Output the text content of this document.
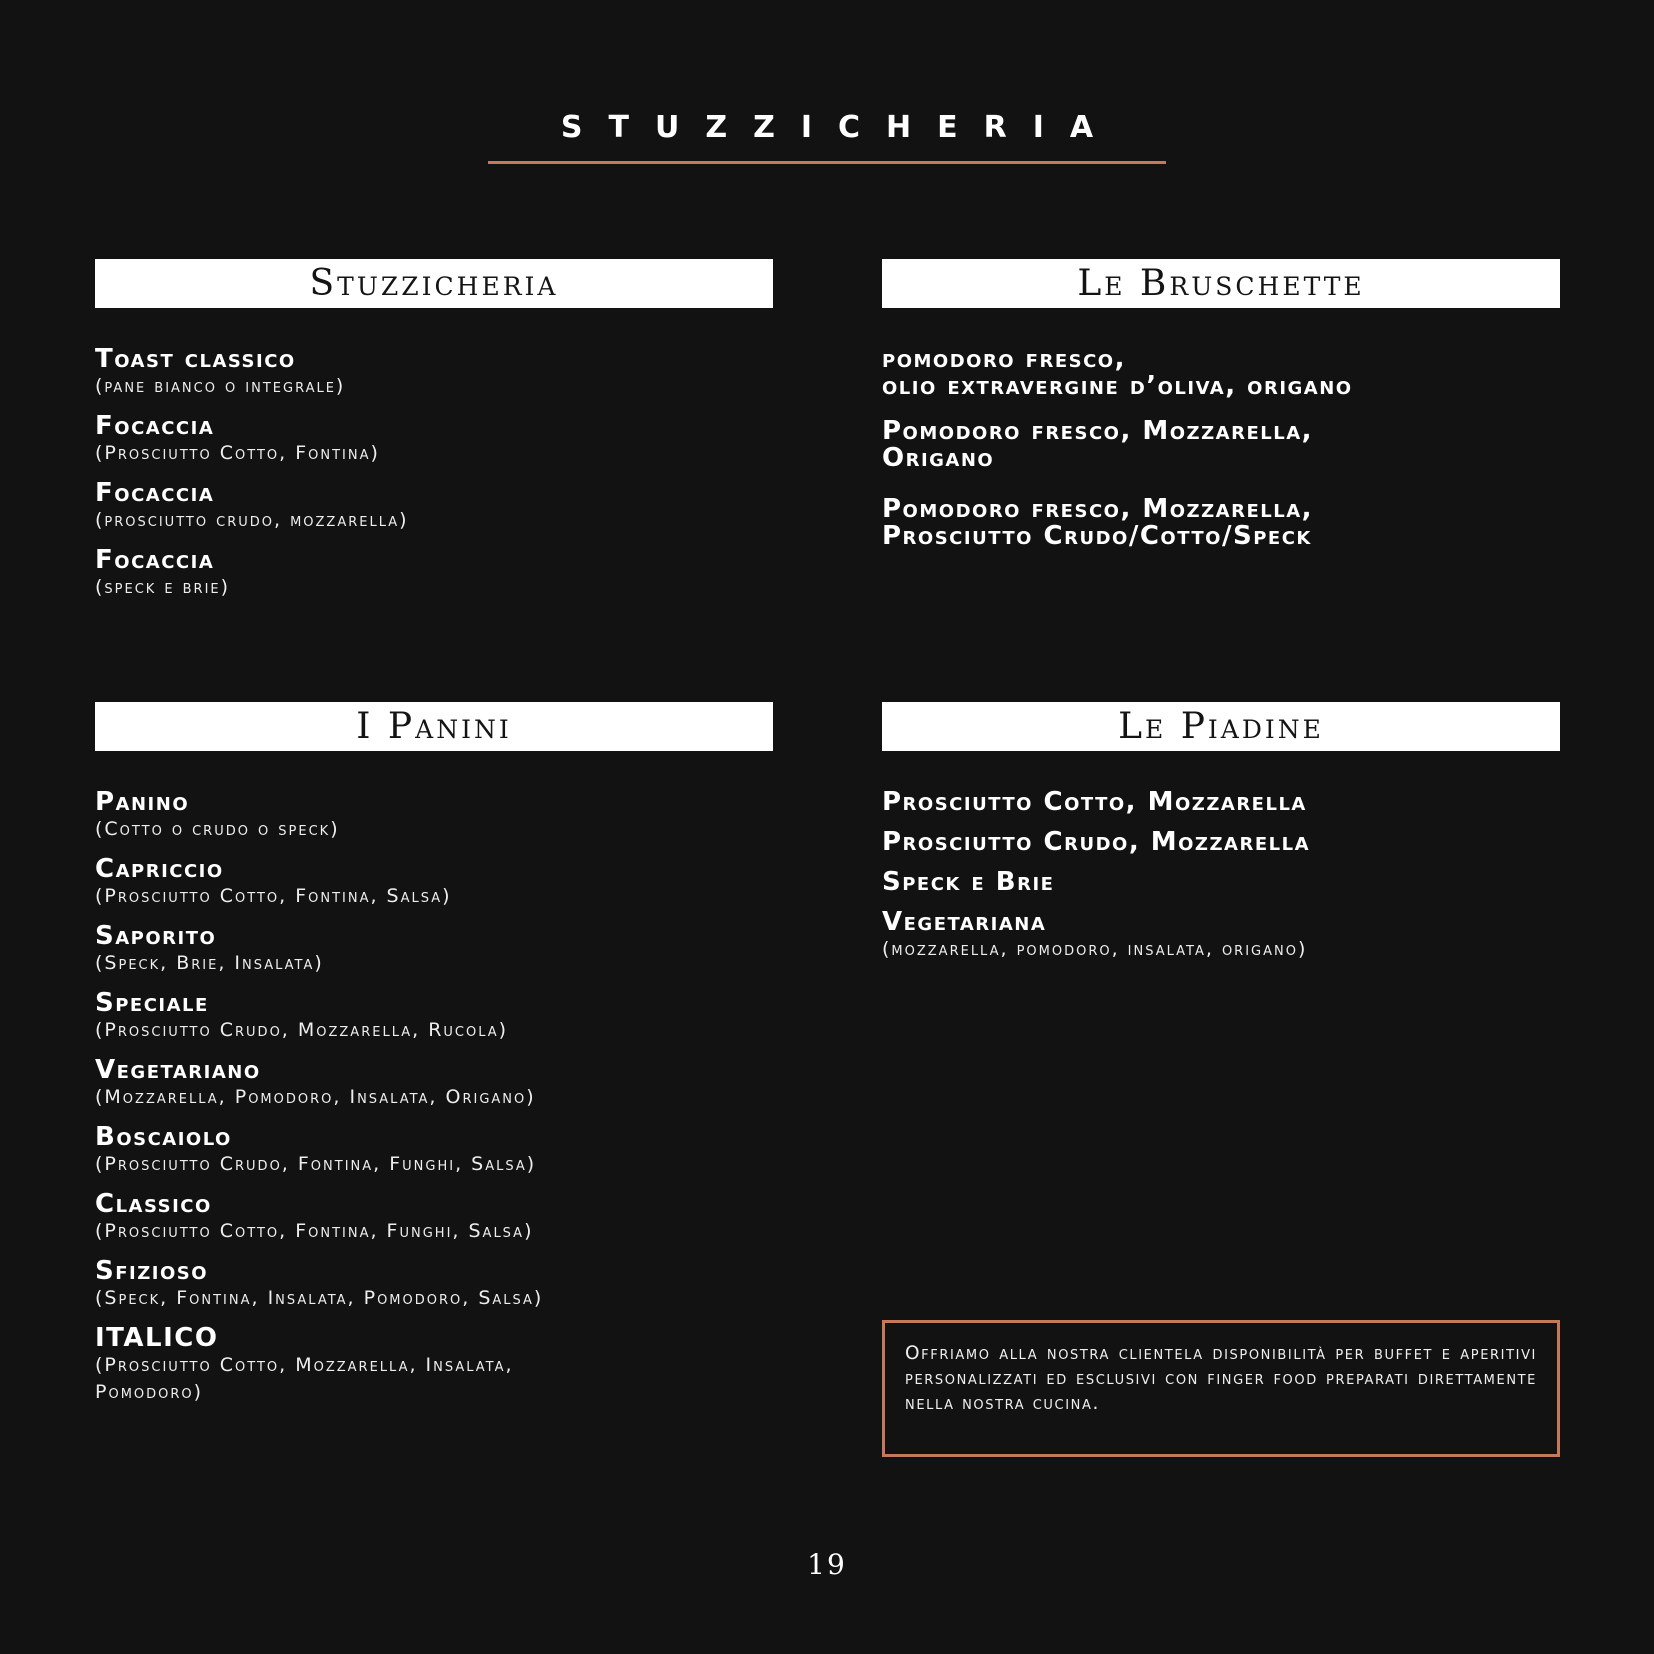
STUZZICHERIA
Stuzzicheria
Toast classico
(pane bianco o integrale)
Focaccia
(Prosciutto Cotto, Fontina)
Focaccia
(prosciutto crudo, mozzarella)
Focaccia
(speck e brie)
Le Bruschette
pomodoro fresco,
olio extravergine d’oliva, origano
Pomodoro fresco, Mozzarella,
Origano
Pomodoro fresco, Mozzarella,
Prosciutto Crudo/Cotto/Speck
I Panini
Panino
(Cotto o crudo o speck)
Capriccio
(Prosciutto Cotto, Fontina, Salsa)
Saporito
(Speck, Brie, Insalata)
Speciale
(Prosciutto Crudo, Mozzarella, Rucola)
Vegetariano
(Mozzarella, Pomodoro, Insalata, Origano)
Boscaiolo
(Prosciutto Crudo, Fontina, Funghi, Salsa)
Classico
(Prosciutto Cotto, Fontina, Funghi, Salsa)
Sfizioso
(Speck, Fontina, Insalata, Pomodoro, Salsa)
ITALICO
(Prosciutto Cotto, Mozzarella, Insalata, Pomodoro)
Le Piadine
Prosciutto Cotto, Mozzarella
Prosciutto Crudo, Mozzarella
Speck e Brie
Vegetariana
(mozzarella, pomodoro, insalata, origano)
Offriamo alla nostra clientela disponibilità per buffet e aperitivi personalizzati ed esclusivi con finger food preparati direttamente nella nostra cucina.
19
